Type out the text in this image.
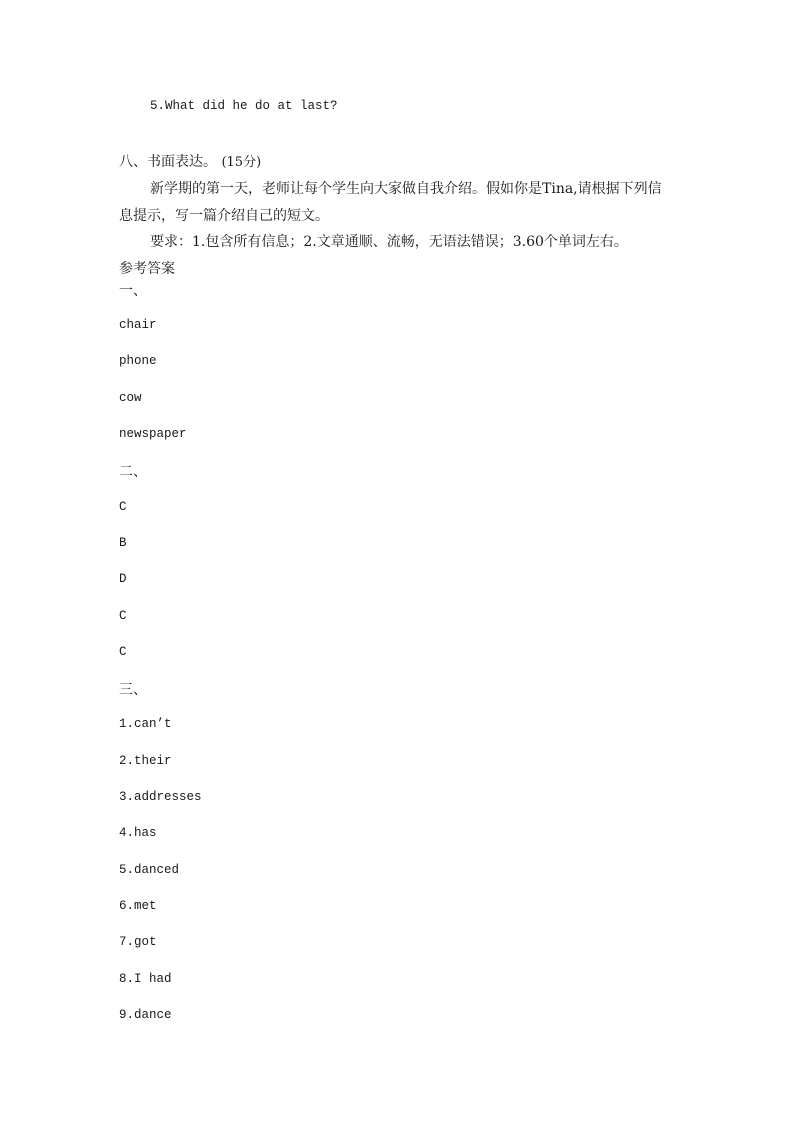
5.What did he do at last?
八、书面表达。 (15分)
新学期的第一天，老师让每个学生向大家做自我介绍。假如你是Tina,请根据下列信
息提示，写一篇介绍自己的短文。
要求：1.包含所有信息；2.文章通顺、流畅，无语法错误；3.60个单词左右。
参考答案
一、
chair
phone
cow
newspaper
二、
C
B
D
C
C
三、
1.can’t
2.their
3.addresses
4.has
5.danced
6.met
7.got
8.I had
9.dance
